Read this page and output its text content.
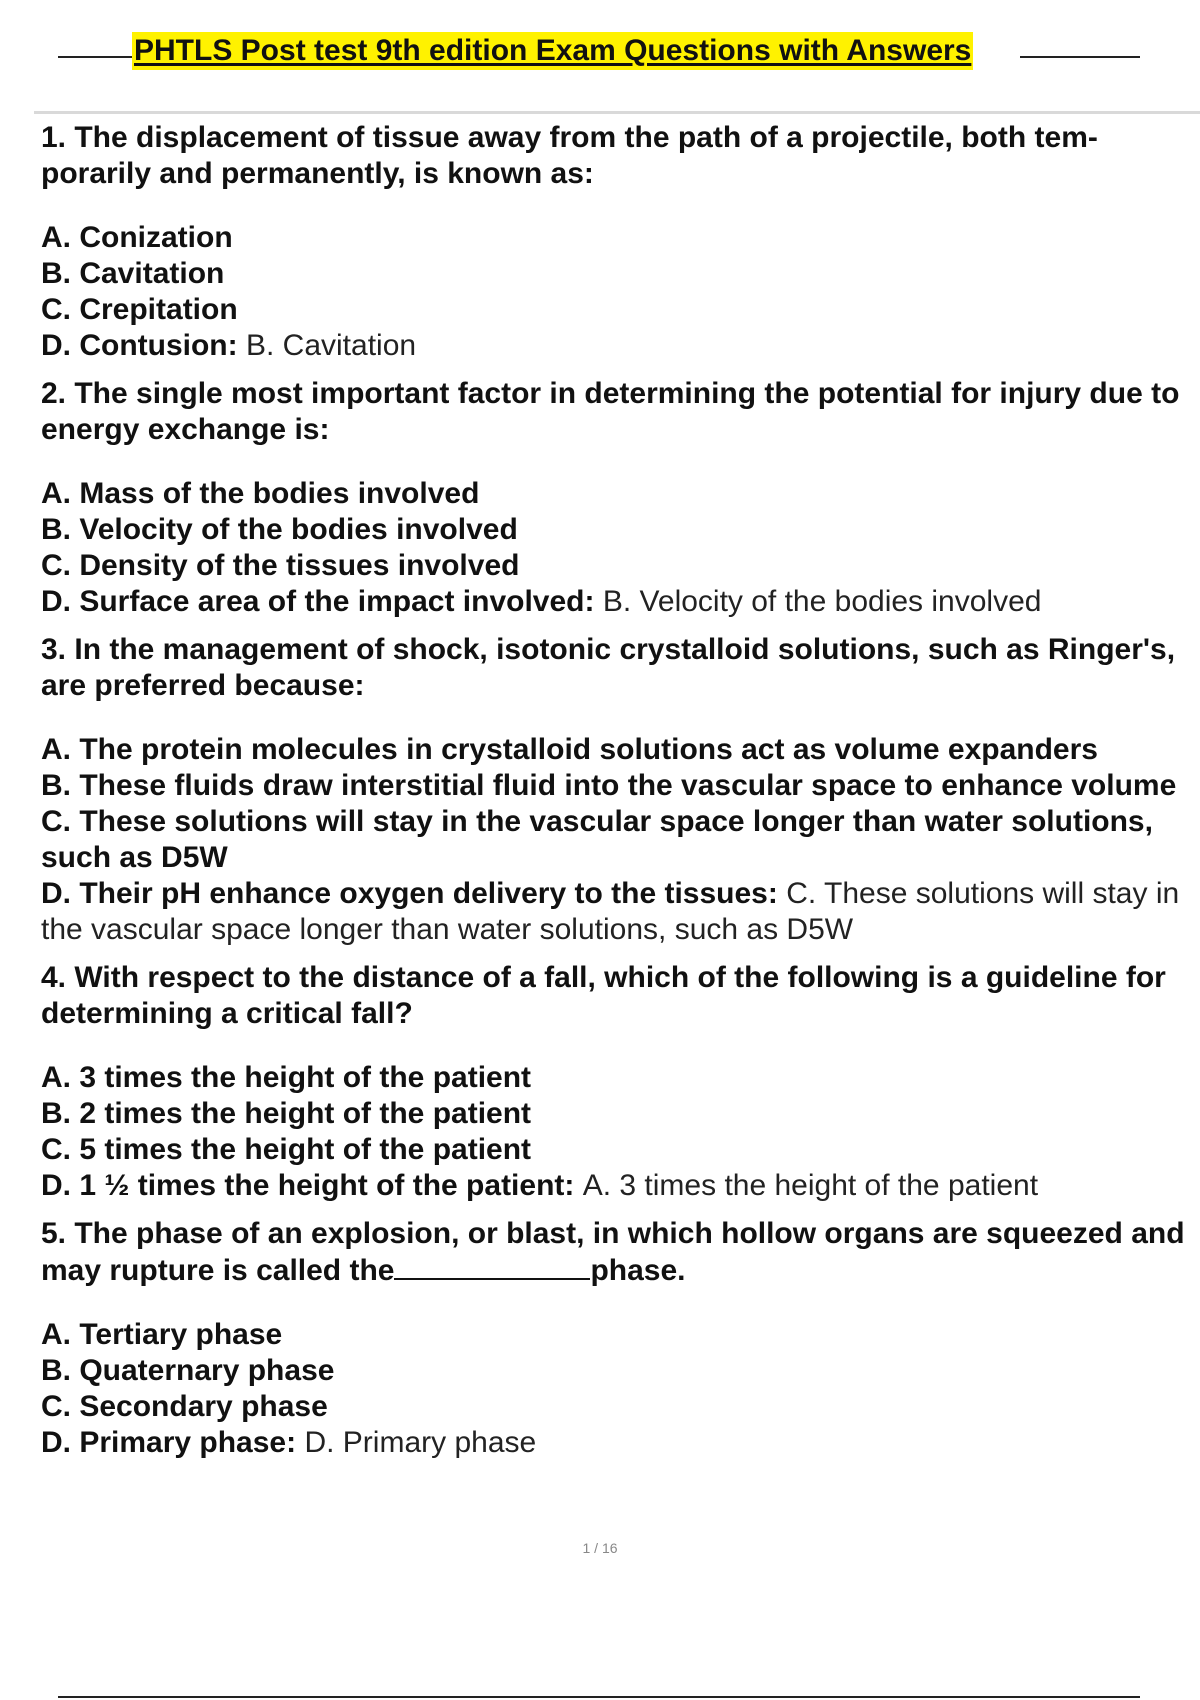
PHTLS Post test 9th edition Exam Questions with Answers

1. The displacement of tissue away from the path of a projectile, both tem- porarily and permanently, is known as:

A. Conization
B. Cavitation
C. Crepitation
D. Contusion: B. Cavitation

2. The single most important factor in determining the potential for injury due to energy exchange is:

A. Mass of the bodies involved
B. Velocity of the bodies involved
C. Density of the tissues involved
D. Surface area of the impact involved: B. Velocity of the bodies involved

3. In the management of shock, isotonic crystalloid solutions, such as Ringer's, are preferred because:

A. The protein molecules in crystalloid solutions act as volume expanders
B. These fluids draw interstitial fluid into the vascular space to enhance volume
C. These solutions will stay in the vascular space longer than water solutions, such as D5W
D. Their pH enhance oxygen delivery to the tissues: C. These solutions will stay in the vascular space longer than water solutions, such as D5W

4. With respect to the distance of a fall, which of the following is a guideline for determining a critical fall?

A. 3 times the height of the patient
B. 2 times the height of the patient
C. 5 times the height of the patient
D. 1 ½ times the height of the patient: A. 3 times the height of the patient

5. The phase of an explosion, or blast, in which hollow organs are squeezed and may rupture is called the	phase.

A. Tertiary phase
B. Quaternary phase
C. Secondary phase
D. Primary phase: D. Primary phase
1 / 16
